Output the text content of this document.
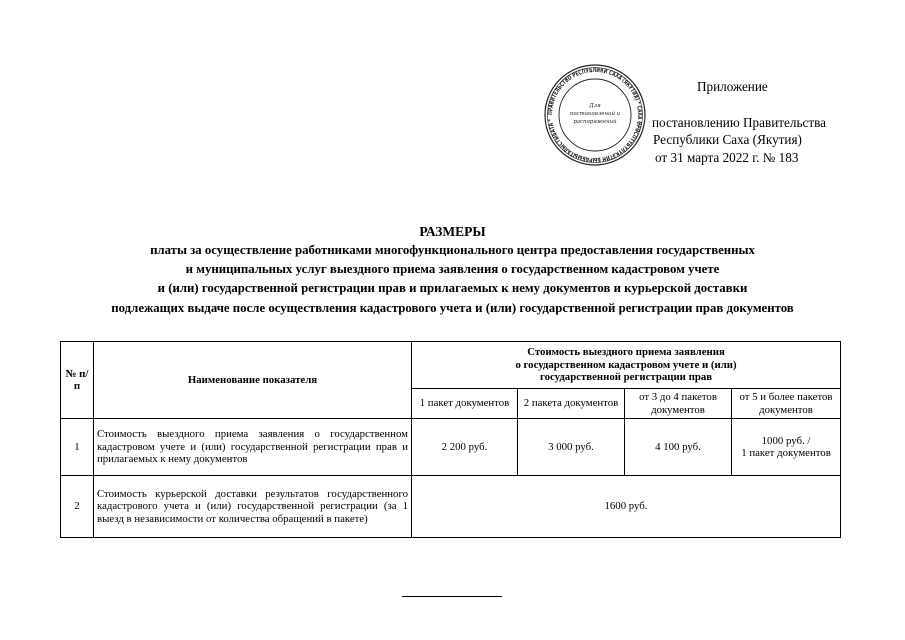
ПРАВИТЕЛЬСТВО РЕСПУБЛИКИ САХА (ЯКУТИЯ) * САХА ӨРӨСПҮҮБҮЛҮКЭТИН БЫРАБЫЫТАЛЫСТЫБАТА *
Для
постановлений и
распоряжений
Приложение
постановлению Правительства
Республики Саха (Якутия)
от 31 марта 2022 г. № 183
РАЗМЕРЫ
платы за осуществление работниками многофункционального центра предоставления государственных
и муниципальных услуг выездного приема заявления о государственном кадастровом учете
и (или) государственной регистрации прав и прилагаемых к нему документов и курьерской доставки
подлежащих выдаче после осуществления кадастрового учета и (или) государственной регистрации прав документов
№ п/п	Наименование показателя	Стоимость выездного приема заявления
о государственном кадастровом учете и (или)
государственной регистрации прав			

		1 пакет документов	2 пакета документов	от 3 до 4 пакетов документов	от 5 и более пакетов документов
1	Стоимость выездного приема заявления о государственном кадастровом учете и (или) государственной регистрации прав и прилагаемых к нему документов	2 200 руб.	3 000 руб.	4 100 руб.	1000 руб. /
1 пакет документов

2	Стоимость курьерской доставки результатов государственного кадастрового учета и (или) государственной регистрации (за 1 выезд в независимости от количества обращений в пакете)	1600 руб.			
